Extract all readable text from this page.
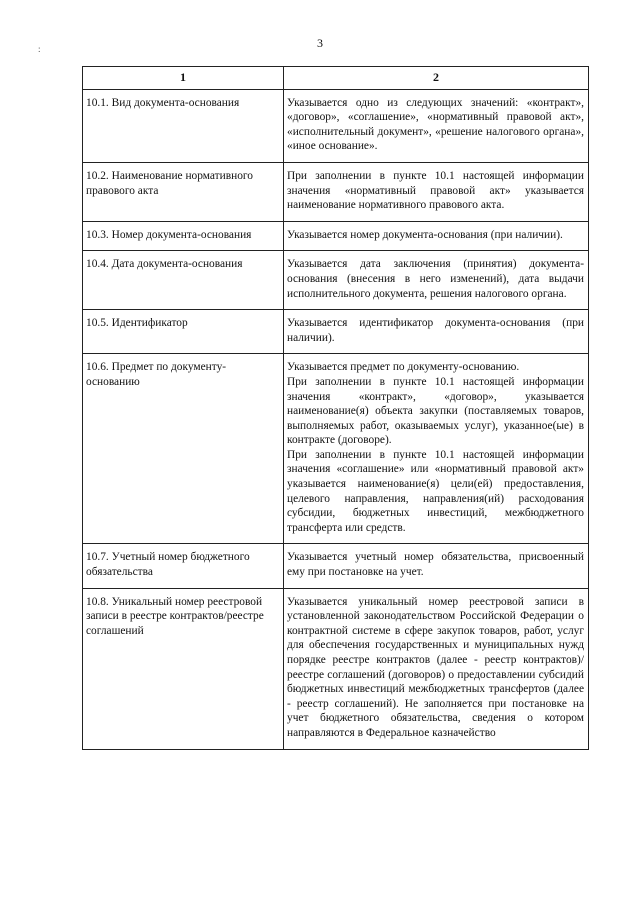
3
:
1	2
10.1. Вид документа-основания	Указывается одно из следующих значений: «контракт», «договор», «соглашение», «нормативный правовой акт», «исполнительный документ», «решение налогового органа», «иное основание».

10.2. Наименование нормативного правового акта	При заполнении в пункте 10.1 настоящей информации значения «нормативный правовой акт» указывается наименование нормативного правового акта.

10.3. Номер документа-основания	Указывается номер документа-основания (при наличии).

10.4. Дата документа-основания	Указывается дата заключения (принятия) документа-основания (внесения в него изменений), дата выдачи исполнительного документа, решения налогового органа.

10.5. Идентификатор	Указывается идентификатор документа-основания (при наличии).

10.6. Предмет по документу-основанию	Указывается предмет по документу-основанию.

При заполнении в пункте 10.1 настоящей информации значения «контракт», «договор», указывается наименование(я) объекта закупки (поставляемых товаров, выполняемых работ, оказываемых услуг), указанное(ые) в контракте (договоре).

При заполнении в пункте 10.1 настоящей информации значения «соглашение» или «нормативный правовой акт» указывается наименование(я) цели(ей) предоставления, целевого направления, направления(ий) расходования субсидии, бюджетных инвестиций, межбюджетного трансферта или средств.

10.7. Учетный номер бюджетного обязательства	Указывается учетный номер обязательства, присвоенный ему при постановке на учет.

10.8. Уникальный номер реестровой записи в реестре контрактов/реестре соглашений	Указывается уникальный номер реестровой записи в установленной законодательством Российской Федерации о контрактной системе в сфере закупок товаров, работ, услуг для обеспечения государственных и муниципальных нужд порядке реестре контрактов (далее - реестр контрактов)/реестре соглашений (договоров) о предоставлении субсидий бюджетных инвестиций межбюджетных трансфертов (далее - реестр соглашений). Не заполняется при постановке на учет бюджетного обязательства, сведения о котором направляются в Федеральное казначейство
